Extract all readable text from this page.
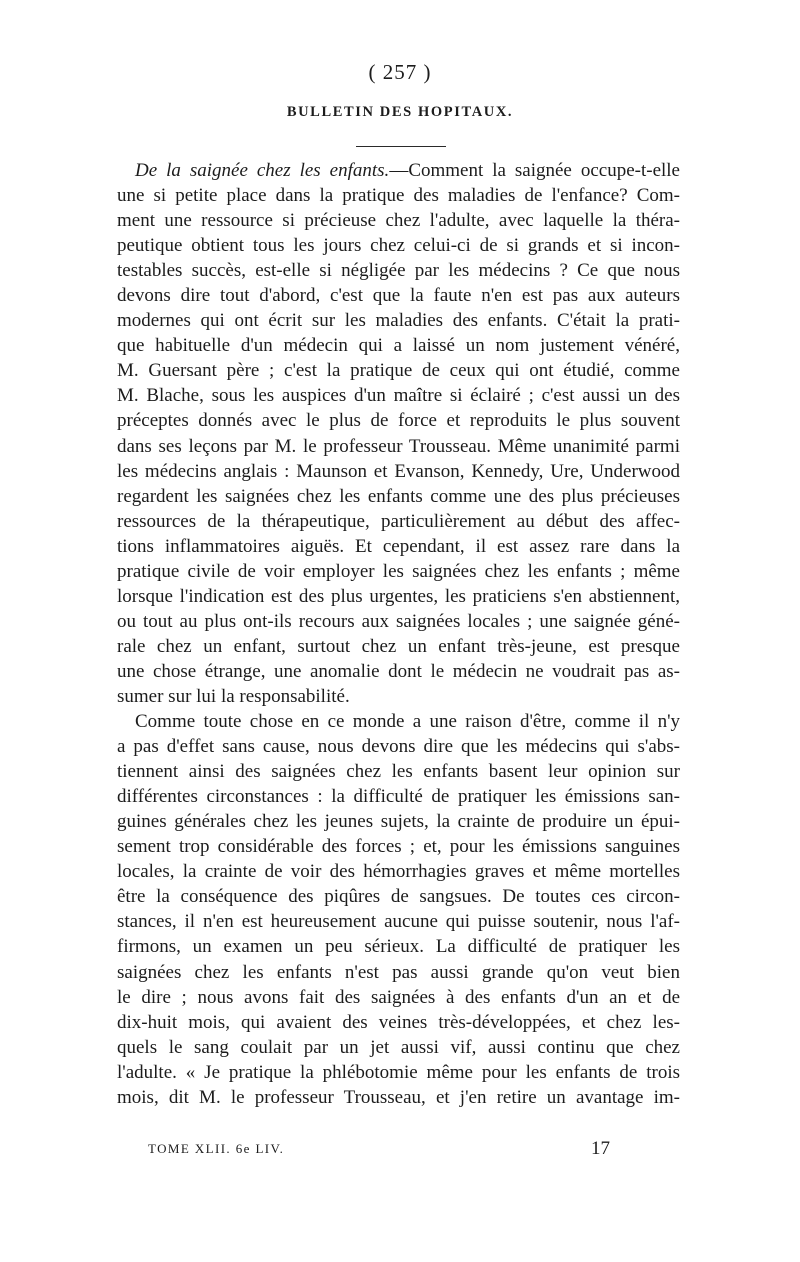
( 257 )
BULLETIN DES HOPITAUX.
De la saignée chez les enfants.—Comment la saignée occupe-t-elle
une si petite place dans la pratique des maladies de l'enfance? Com-
ment une ressource si précieuse chez l'adulte, avec laquelle la théra-
peutique obtient tous les jours chez celui-ci de si grands et si incon-
testables succès, est-elle si négligée par les médecins ? Ce que nous
devons dire tout d'abord, c'est que la faute n'en est pas aux auteurs
modernes qui ont écrit sur les maladies des enfants. C'était la prati-
que habituelle d'un médecin qui a laissé un nom justement vénéré,
M. Guersant père ; c'est la pratique de ceux qui ont étudié, comme
M. Blache, sous les auspices d'un maître si éclairé ; c'est aussi un des
préceptes donnés avec le plus de force et reproduits le plus souvent
dans ses leçons par M. le professeur Trousseau. Même unanimité parmi
les médecins anglais : Maunson et Evanson, Kennedy, Ure, Underwood
regardent les saignées chez les enfants comme une des plus précieuses
ressources de la thérapeutique, particulièrement au début des affec-
tions inflammatoires aiguës. Et cependant, il est assez rare dans la
pratique civile de voir employer les saignées chez les enfants ; même
lorsque l'indication est des plus urgentes, les praticiens s'en abstiennent,
ou tout au plus ont-ils recours aux saignées locales ; une saignée géné-
rale chez un enfant, surtout chez un enfant très-jeune, est presque
une chose étrange, une anomalie dont le médecin ne voudrait pas as-
sumer sur lui la responsabilité.
Comme toute chose en ce monde a une raison d'être, comme il n'y
a pas d'effet sans cause, nous devons dire que les médecins qui s'abs-
tiennent ainsi des saignées chez les enfants basent leur opinion sur
différentes circonstances : la difficulté de pratiquer les émissions san-
guines générales chez les jeunes sujets, la crainte de produire un épui-
sement trop considérable des forces ; et, pour les émissions sanguines
locales, la crainte de voir des hémorrhagies graves et même mortelles
être la conséquence des piqûres de sangsues. De toutes ces circon-
stances, il n'en est heureusement aucune qui puisse soutenir, nous l'af-
firmons, un examen un peu sérieux. La difficulté de pratiquer les
saignées chez les enfants n'est pas aussi grande qu'on veut bien
le dire ; nous avons fait des saignées à des enfants d'un an et de
dix-huit mois, qui avaient des veines très-développées, et chez les-
quels le sang coulait par un jet aussi vif, aussi continu que chez
l'adulte. « Je pratique la phlébotomie même pour les enfants de trois
mois, dit M. le professeur Trousseau, et j'en retire un avantage im-
TOME XLII. 6e LIV.	17
